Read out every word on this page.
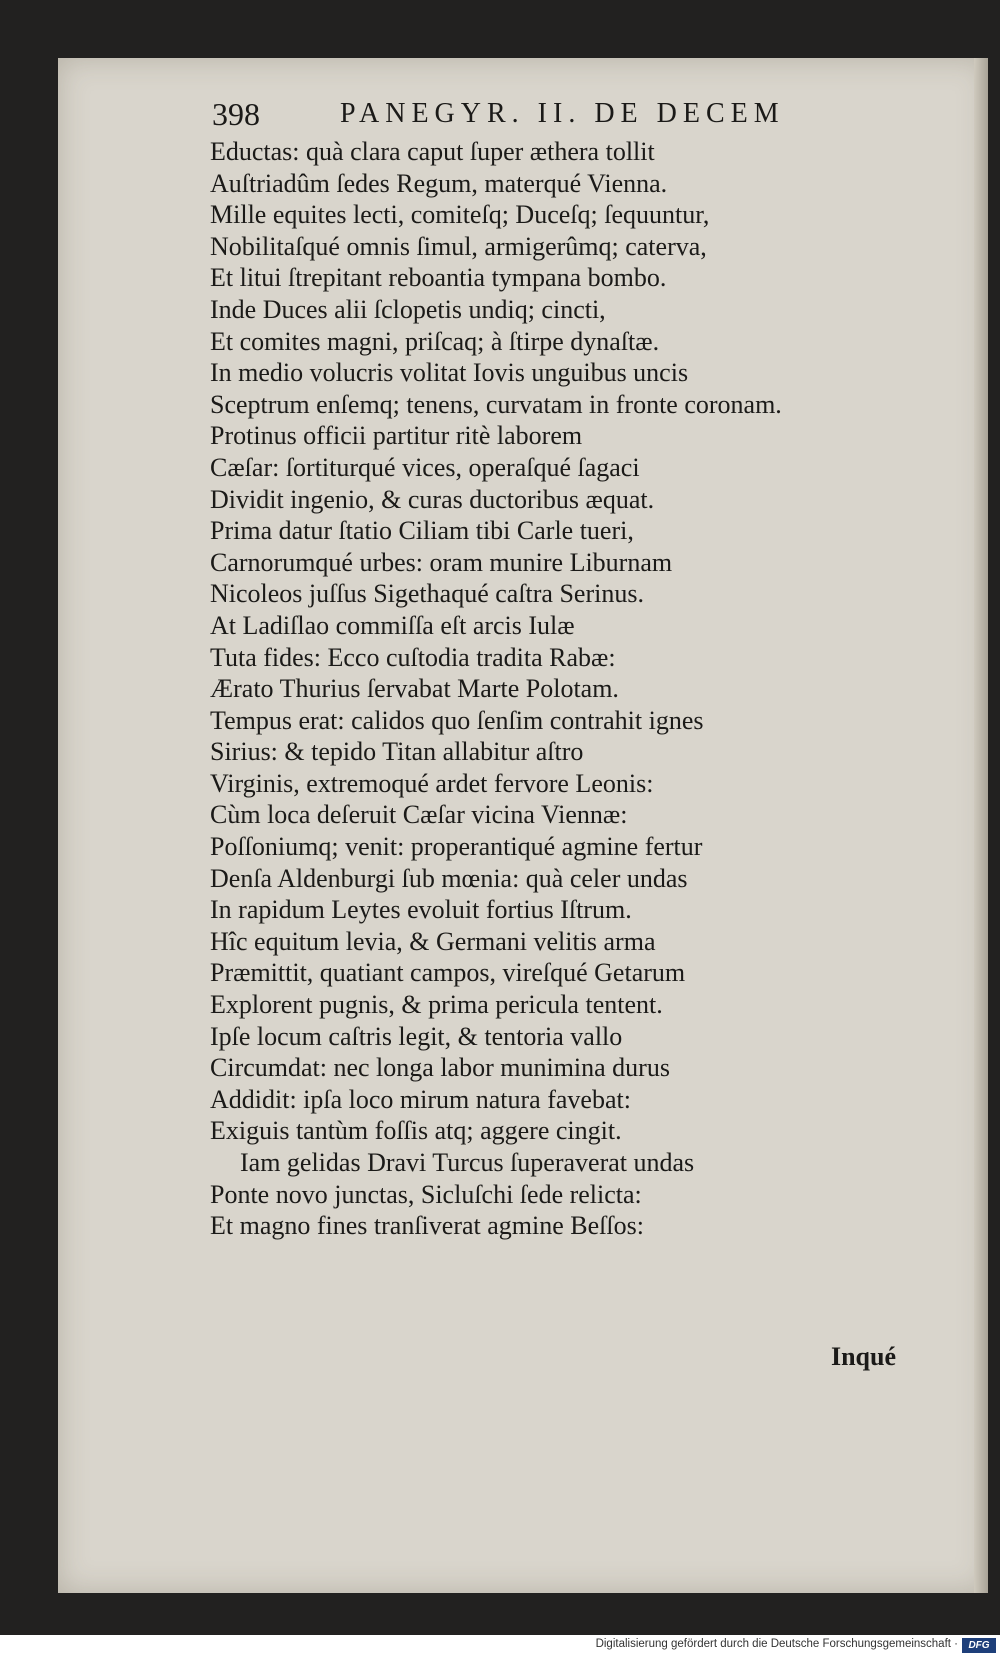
398	PANEGYR. II. DE DECEM
Eductas: quà clara caput ſuper æthera tollit
Auſtriadûm ſedes Regum, materqué Vienna.
Mille equites lecti, comiteſq; Duceſq; ſequuntur,
Nobilitaſqué omnis ſimul, armigerûmq; caterva,
Et litui ſtrepitant reboantia tympana bombo.
Inde Duces alii ſclopetis undiq; cincti,
Et comites magni, priſcaq; à ſtirpe dynaſtæ.
In medio volucris volitat Iovis unguibus uncis
Sceptrum enſemq; tenens, curvatam in fronte coronam.
Protinus officii partitur ritè laborem
Cæſar: ſortiturqué vices, operaſqué ſagaci
Dividit ingenio, & curas ductoribus æquat.
Prima datur ſtatio Ciliam tibi Carle tueri,
Carnorumqué urbes: oram munire Liburnam
Nicoleos juſſus Sigethaqué caſtra Serinus.
At Ladiſlao commiſſa eſt arcis Iulæ
Tuta fides: Ecco cuſtodia tradita Rabæ:
Ærato Thurius ſervabat Marte Polotam.
Tempus erat: calidos quo ſenſim contrahit ignes
Sirius: & tepido Titan allabitur aſtro
Virginis, extremoqué ardet fervore Leonis:
Cùm loca deſeruit Cæſar vicina Viennæ:
Poſſoniumq; venit: properantiqué agmine fertur
Denſa Aldenburgi ſub mœnia: quà celer undas
In rapidum Leytes evoluit fortius Iſtrum.
Hîc equitum levia, & Germani velitis arma
Præmittit, quatiant campos, vireſqué Getarum
Explorent pugnis, & prima pericula tentent.
Ipſe locum caſtris legit, & tentoria vallo
Circumdat: nec longa labor munimina durus
Addidit: ipſa loco mirum natura favebat:
Exiguis tantùm foſſis atq; aggere cingit.
Iam gelidas Dravi Turcus ſuperaverat undas
Ponte novo junctas, Sicluſchi ſede relicta:
Et magno fines tranſiverat agmine Beſſos:
Inqué
Digitalisierung gefördert durch die Deutsche Forschungsgemeinschaft ·	DFG
